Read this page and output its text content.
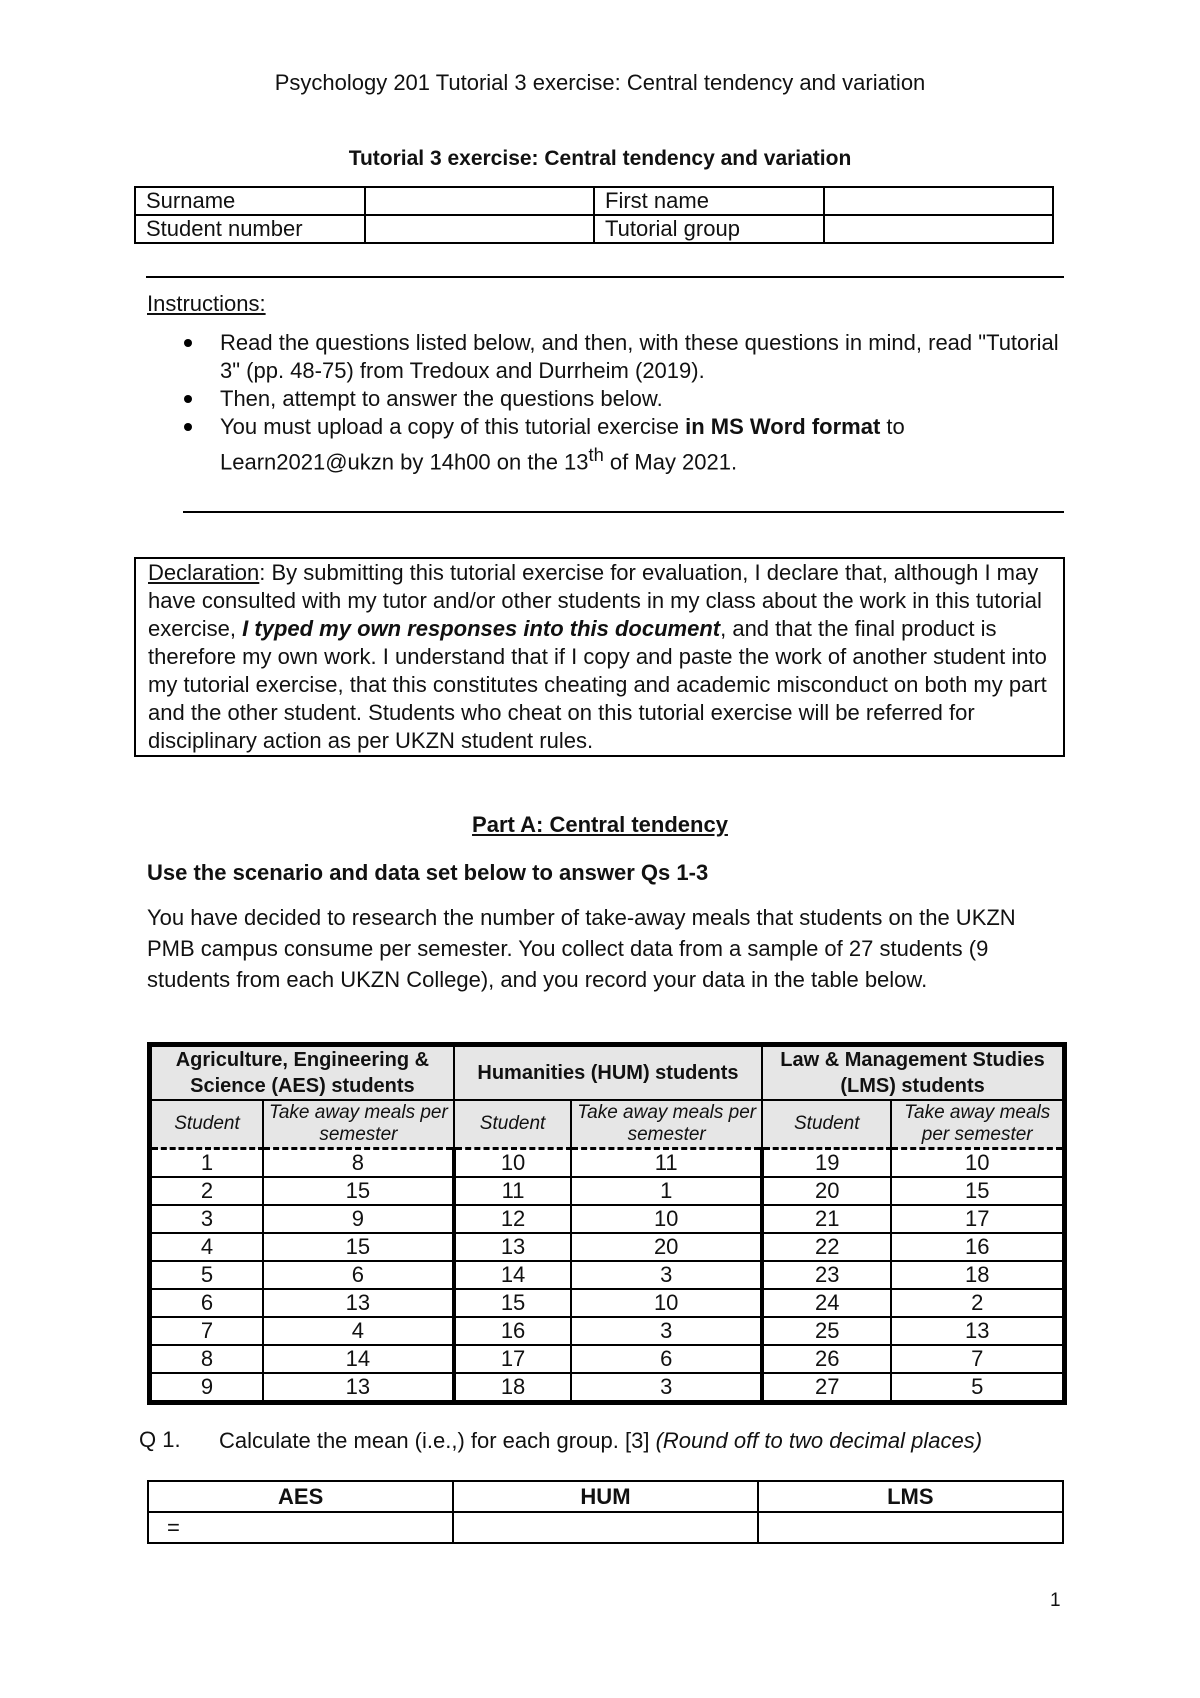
Psychology 201 Tutorial 3 exercise: Central tendency and variation
Tutorial 3 exercise: Central tendency and variation
Surname		First name	
Student number		Tutorial group	
Instructions:
Read the questions listed below, and then, with these questions in mind, read "Tutorial 3" (pp. 48-75) from Tredoux and Durrheim (2019).
Then, attempt to answer the questions below.
You must upload a copy of this tutorial exercise in MS Word format to Learn2021@ukzn by 14h00 on the 13th of May 2021.
Declaration: By submitting this tutorial exercise for evaluation, I declare that, although I may have consulted with my tutor and/or other students in my class about the work in this tutorial exercise, I typed my own responses into this document, and that the final product is therefore my own work. I understand that if I copy and paste the work of another student into my tutorial exercise, that this constitutes cheating and academic misconduct on both my part and the other student. Students who cheat on this tutorial exercise will be referred for disciplinary action as per UKZN student rules.
Part A: Central tendency
Use the scenario and data set below to answer Qs 1-3
You have decided to research the number of take-away meals that students on the UKZN PMB campus consume per semester. You collect data from a sample of 27 students (9 students from each UKZN College), and you record your data in the table below.
Agriculture, Engineering & Science (AES) students		Humanities (HUM) students		Law & Management Studies (LMS) students	
Student	Take away meals per semester	Student	Take away meals per semester	Student	Take away meals per semester
1	8	10	11	19	10
2	15	11	1	20	15
3	9	12	10	21	17
4	15	13	20	22	16
5	6	14	3	23	18
6	13	15	10	24	2
7	4	16	3	25	13
8	14	17	6	26	7
9	13	18	3	27	5
Q 1. Calculate the mean (i.e.,) for each group. [3] (Round off to two decimal places)
AES	HUM	LMS
=		
1
